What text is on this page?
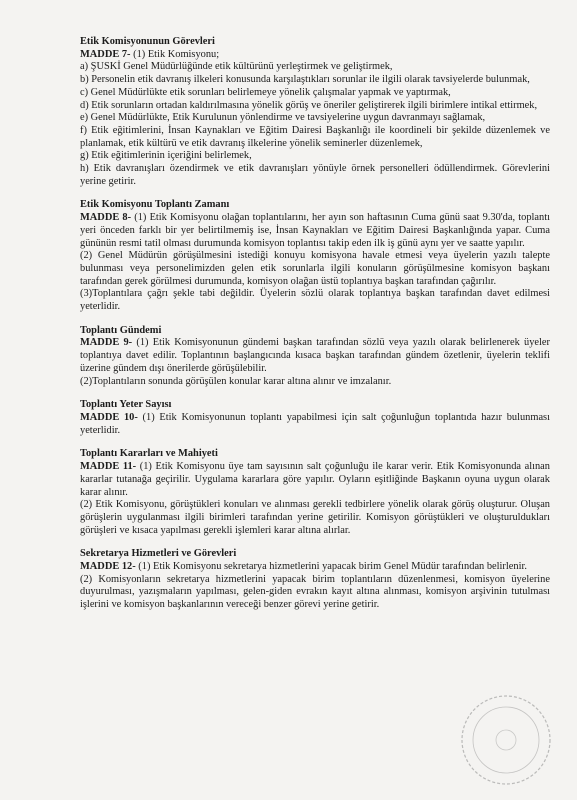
Etik Komisyonunun Görevleri

MADDE 7- (1) Etik Komisyonu;

a) ŞUSKİ Genel Müdürlüğünde etik kültürünü yerleştirmek ve geliştirmek,

b) Personelin etik davranış ilkeleri konusunda karşılaştıkları sorunlar ile ilgili olarak tavsiyelerde bulunmak,

c) Genel Müdürlükte etik sorunları belirlemeye yönelik çalışmalar yapmak ve yaptırmak,

d) Etik sorunların ortadan kaldırılmasına yönelik görüş ve öneriler geliştirerek ilgili birimlere intikal ettirmek,

e) Genel Müdürlükte, Etik Kurulunun yönlendirme ve tavsiyelerine uygun davranmayı sağlamak,

f) Etik eğitimlerini, İnsan Kaynakları ve Eğitim Dairesi Başkanlığı ile koordineli bir şekilde düzenlemek ve planlamak, etik kültürü ve etik davranış ilkelerine yönelik seminerler düzenlemek,

g) Etik eğitimlerinin içeriğini belirlemek,

h) Etik davranışları özendirmek ve etik davranışları yönüyle örnek personelleri ödüllendirmek. Görevlerini yerine getirir.

Etik Komisyonu Toplantı Zamanı

MADDE 8- (1) Etik Komisyonu olağan toplantılarını, her ayın son haftasının Cuma günü saat 9.30'da, toplantı yeri önceden farklı bir yer belirtilmemiş ise, İnsan Kaynakları ve Eğitim Dairesi Başkanlığında yapar. Cuma gününün resmi tatil olması durumunda komisyon toplantısı takip eden ilk iş günü aynı yer ve saatte yapılır.

(2) Genel Müdürün görüşülmesini istediği konuyu komisyona havale etmesi veya üyelerin yazılı talepte bulunması veya personelimizden gelen etik sorunlarla ilgili konuların görüşülmesine komisyon başkanı tarafından gerek görülmesi durumunda, komisyon olağan üstü toplantıya başkan tarafından çağırılır.

(3)Toplantılara çağrı şekle tabi değildir. Üyelerin sözlü olarak toplantıya başkan tarafından davet edilmesi yeterlidir.

Toplantı Gündemi

MADDE 9- (1) Etik Komisyonunun gündemi başkan tarafından sözlü veya yazılı olarak belirlenerek üyeler toplantıya davet edilir. Toplantının başlangıcında kısaca başkan tarafından gündem özetlenir, üyelerin teklifi üzerine gündem dışı önerilerde görüşülebilir.

(2)Toplantıların sonunda görüşülen konular karar altına alınır ve imzalanır.

Toplantı Yeter Sayısı

MADDE 10- (1) Etik Komisyonunun toplantı yapabilmesi için salt çoğunluğun toplantıda hazır bulunması yeterlidir.

Toplantı Kararları ve Mahiyeti

MADDE 11- (1) Etik Komisyonu üye tam sayısının salt çoğunluğu ile karar verir. Etik Komisyonunda alınan kararlar tutanağa geçirilir. Uygulama kararlara göre yapılır. Oyların eşitliğinde Başkanın oyuna uygun olarak karar alınır.

(2) Etik Komisyonu, görüştükleri konuları ve alınması gerekli tedbirlere yönelik olarak görüş oluşturur. Oluşan görüşlerin uygulanması ilgili birimleri tarafından yerine getirilir. Komisyon görüştükleri ve oluşturuldukları görüşleri ve kısaca yapılması gerekli işlemleri karar altına alırlar.

Sekretarya Hizmetleri ve Görevleri

MADDE 12- (1) Etik Komisyonu sekretarya hizmetlerini yapacak birim Genel Müdür tarafından belirlenir.

(2) Komisyonların sekretarya hizmetlerini yapacak birim toplantıların düzenlenmesi, komisyon üyelerine duyurulması, yazışmaların yapılması, gelen-giden evrakın kayıt altına alınması, komisyon arşivinin tutulması işlerini ve komisyon başkanlarının vereceği benzer görevi yerine getirir.
